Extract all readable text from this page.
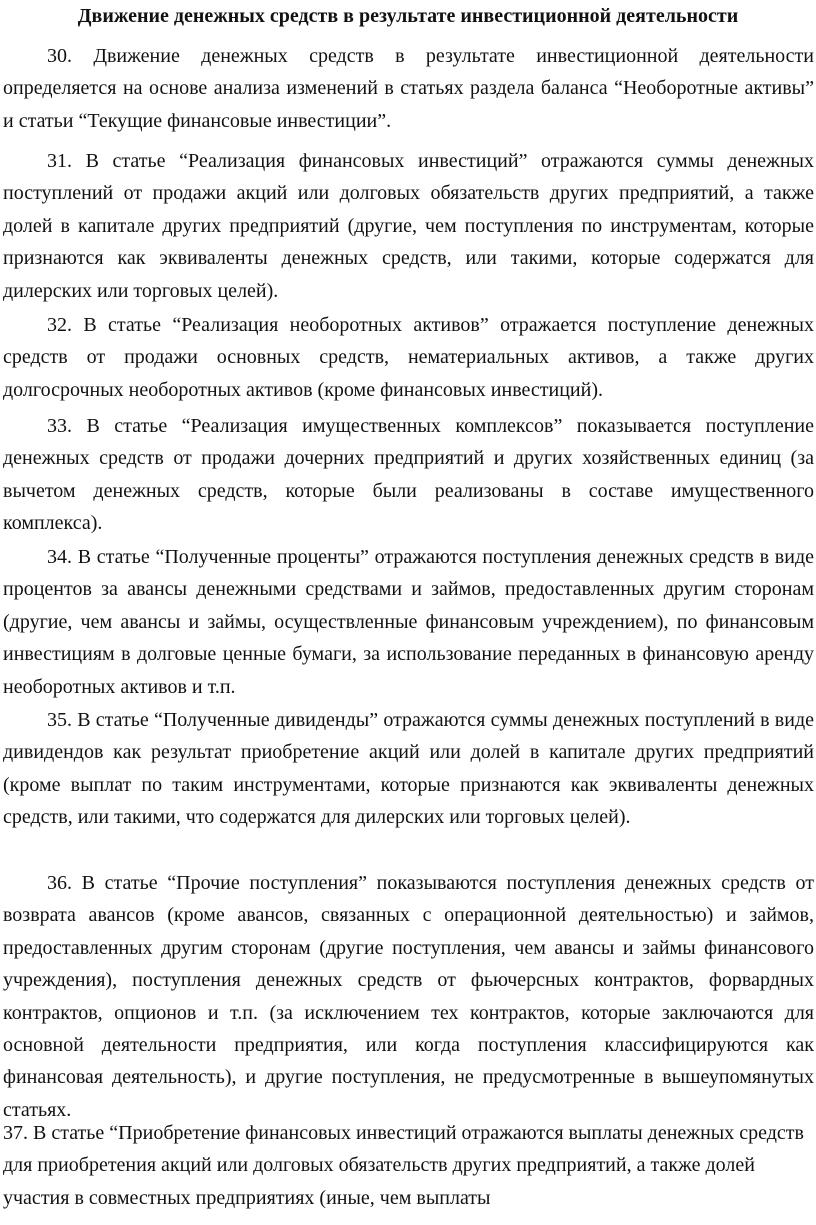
Движение денежных средств в результате инвестиционной деятельности

30. Движение денежных средств в результате инвестиционной деятельности определяется на основе анализа изменений в статьях раздела баланса “Необоротные активы” и статьи “Текущие финансовые инвестиции”.

31. В статье “Реализация финансовых инвестиций” отражаются суммы денежных поступлений от продажи акций или долговых обязательств других предприятий, а также долей в капитале других предприятий (другие, чем поступления по инструментам, которые признаются как эквиваленты денежных средств, или такими, которые содержатся для дилерских или торговых целей).

32. В статье “Реализация необоротных активов” отражается поступление денежных средств от продажи основных средств, нематериальных активов, а также других долгосрочных необоротных активов (кроме финансовых инвестиций).

33. В статье “Реализация имущественных комплексов” показывается поступление денежных средств от продажи дочерних предприятий и других хозяйственных единиц (за вычетом денежных средств, которые были реализованы в составе имущественного комплекса).

34. В статье “Полученные проценты” отражаются поступления денежных средств в виде процентов за авансы денежными средствами и займов, предоставленных другим сторонам (другие, чем авансы и займы, осуществленные финансовым учреждением), по финансовым инвестициям в долговые ценные бумаги, за использование переданных в финансовую аренду необоротных активов и т.п.

35. В статье “Полученные дивиденды” отражаются суммы денежных поступлений в виде дивидендов как результат приобретение акций или долей в капитале других предприятий (кроме выплат по таким инструментами, которые признаются как эквиваленты денежных средств, или такими, что содержатся для дилерских или торговых целей).

36. В статье “Прочие поступления” показываются поступления денежных средств от возврата авансов (кроме авансов, связанных с операционной деятельностью) и займов, предоставленных другим сторонам (другие поступления, чем авансы и займы финансового учреждения), поступления денежных средств от фьючерсных контрактов, форвардных контрактов, опционов и т.п. (за исключением тех контрактов, которые заключаются для основной деятельности предприятия, или когда поступления классифицируются как финансовая деятельность), и другие поступления, не предусмотренные в вышеупомянутых статьях.

37. В статье “Приобретение финансовых инвестиций отражаются выплаты денежных средств для приобретения акций или долговых обязательств других предприятий, а также долей участия в совместных предприятиях (иные, чем выплаты
